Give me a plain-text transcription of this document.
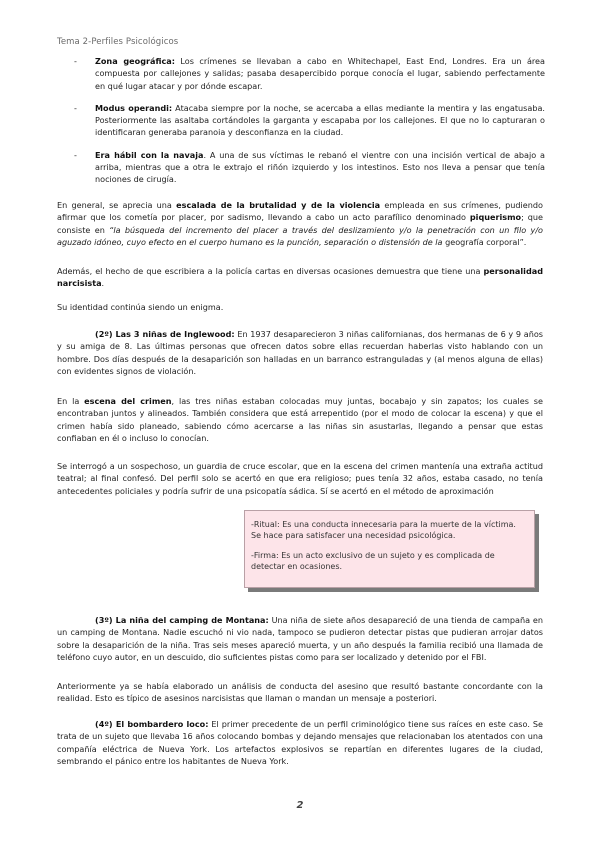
Tema 2-Perfiles Psicológicos
- Zona geográfica: Los crímenes se llevaban a cabo en Whitechapel, East End, Londres. Era un área compuesta por callejones y salidas; pasaba desapercibido porque conocía el lugar, sabiendo perfectamente en qué lugar atacar y por dónde escapar.
- Modus operandi: Atacaba siempre por la noche, se acercaba a ellas mediante la mentira y las engatusaba. Posteriormente las asaltaba cortándoles la garganta y escapaba por los callejones. El que no lo capturaran o identificaran generaba paranoia y desconfianza en la ciudad.
- Era hábil con la navaja. A una de sus víctimas le rebanó el vientre con una incisión vertical de abajo a arriba, mientras que a otra le extrajo el riñón izquierdo y los intestinos. Esto nos lleva a pensar que tenía nociones de cirugía.
En general, se aprecia una escalada de la brutalidad y de la violencia empleada en sus crímenes, pudiendo afirmar que los cometía por placer, por sadismo, llevando a cabo un acto parafílico denominado piquerismo; que consiste en “la búsqueda del incremento del placer a través del deslizamiento y/o la penetración con un filo y/o aguzado idóneo, cuyo efecto en el cuerpo humano es la punción, separación o distensión de la geografía corporal”.
Además, el hecho de que escribiera a la policía cartas en diversas ocasiones demuestra que tiene una personalidad narcisista.
Su identidad continúa siendo un enigma.
(2º) Las 3 niñas de Inglewood: En 1937 desaparecieron 3 niñas californianas, dos hermanas de 6 y 9 años y su amiga de 8. Las últimas personas que ofrecen datos sobre ellas recuerdan haberlas visto hablando con un hombre. Dos días después de la desaparición son halladas en un barranco estranguladas y (al menos alguna de ellas) con evidentes signos de violación.
En la escena del crimen, las tres niñas estaban colocadas muy juntas, bocabajo y sin zapatos; los cuales se encontraban juntos y alineados. También considera que está arrepentido (por el modo de colocar la escena) y que el crimen había sido planeado, sabiendo cómo acercarse a las niñas sin asustarlas, llegando a pensar que estas confiaban en él o incluso lo conocían.
Se interrogó a un sospechoso, un guardia de cruce escolar, que en la escena del crimen mantenía una extraña actitud teatral; al final confesó. Del perfil solo se acertó en que era religioso; pues tenía 32 años, estaba casado, no tenía antecedentes policiales y podría sufrir de una psicopatía sádica. Sí se acertó en el método de aproximación

-Ritual: Es una conducta innecesaria para la muerte de la víctima. Se hace para satisfacer una necesidad psicológica.

-Firma: Es un acto exclusivo de un sujeto y es complicada de detectar en ocasiones.

(3º) La niña del camping de Montana: Una niña de siete años desapareció de una tienda de campaña en un camping de Montana. Nadie escuchó ni vio nada, tampoco se pudieron detectar pistas que pudieran arrojar datos sobre la desaparición de la niña. Tras seis meses apareció muerta, y un año después la familia recibió una llamada de teléfono cuyo autor, en un descuido, dio suficientes pistas como para ser localizado y detenido por el FBI.
Anteriormente ya se había elaborado un análisis de conducta del asesino que resultó bastante concordante con la realidad. Esto es típico de asesinos narcisistas que llaman o mandan un mensaje a posteriori.
(4º) El bombardero loco: El primer precedente de un perfil criminológico tiene sus raíces en este caso. Se trata de un sujeto que llevaba 16 años colocando bombas y dejando mensajes que relacionaban los atentados con una compañía eléctrica de Nueva York. Los artefactos explosivos se repartían en diferentes lugares de la ciudad, sembrando el pánico entre los habitantes de Nueva York.
2
